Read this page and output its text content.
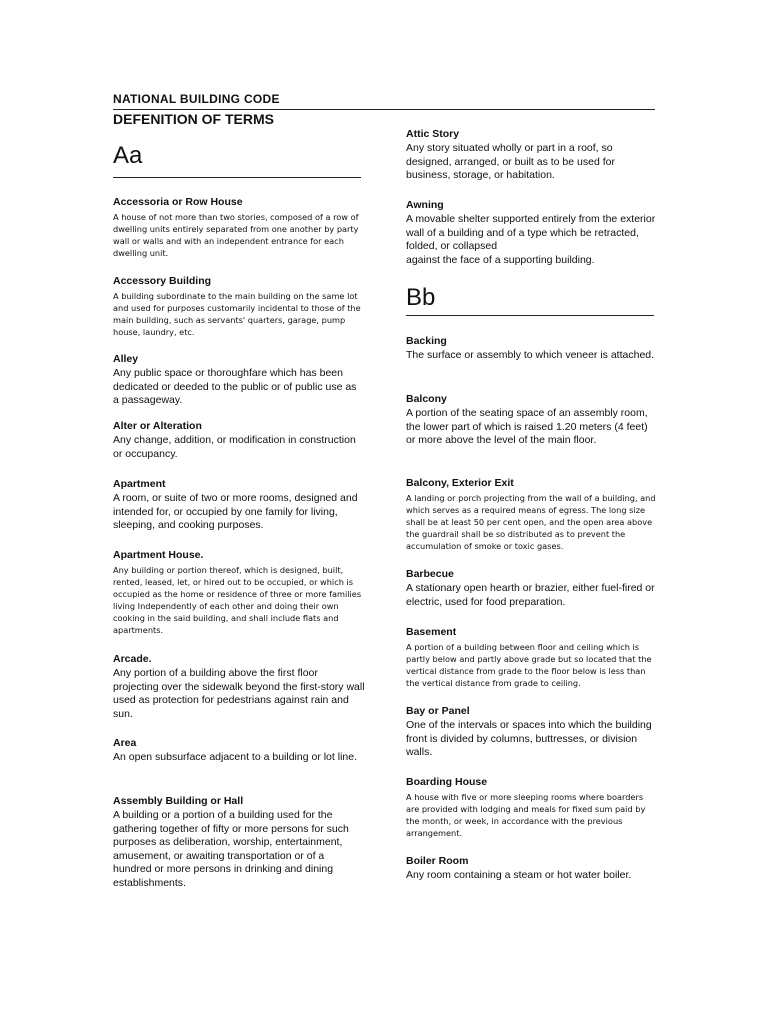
NATIONAL BUILDING CODE
DEFENITION OF TERMS
Aa
Accessoria or Row House
A house of not more than two stories, composed of a row of dwelling units entirely separated from one another by party wall or walls and with an independent entrance for each dwelling unit.
Accessory Building
A building subordinate to the main building on the same lot and used for purposes customarily incidental to those of the main building, such as servants' quarters, garage, pump house, laundry, etc.
Alley
Any public space or thoroughfare which has been dedicated or deeded to the public or of public use as a passageway.
Alter or Alteration
Any change, addition, or modification in construction or occupancy.
Apartment
A room, or suite of two or more rooms, designed and intended for, or occupied by one family for living, sleeping, and cooking purposes.
Apartment House.
Any building or portion thereof, which is designed, built, rented, leased, let, or hired out to be occupied, or which is occupied as the home or residence of three or more families living Independently of each other and doing their own cooking in the said building, and shall include flats and apartments.
Arcade.
Any portion of a building above the first floor projecting over the sidewalk beyond the first-story wall used as protection for pedestrians against rain and sun.
Area
An open subsurface adjacent to a building or lot line.
Assembly Building or Hall
A building or a portion of a building used for the gathering together of fifty or more persons for such purposes as deliberation, worship, entertainment, amusement, or awaiting transportation or of a hundred or more persons in drinking and dining establishments.
Attic Story
Any story situated wholly or part in a roof, so designed, arranged, or built as to be used for business, storage, or habitation.
Awning
A movable shelter supported entirely from the exterior wall of a building and of a type which be retracted, folded, or collapsed
against the face of a supporting building.
Bb
Backing
The surface or assembly to which veneer is attached.
Balcony
A portion of the seating space of an assembly room, the lower part of which is raised 1.20 meters (4 feet) or more above the level of the main floor.
Balcony, Exterior Exit
A landing or porch projecting from the wall of a building, and which serves as a required means of egress. The long size shall be at least 50 per cent open, and the open area above the guardrail shall be so distributed as to prevent the accumulation of smoke or toxic gases.
Barbecue
A stationary open hearth or brazier, either fuel-fired or electric, used for food preparation.
Basement
A portion of a building between floor and ceiling which is partly below and partly above grade but so located that the vertical distance from grade to the floor below is less than the vertical distance from grade to ceiling.
Bay or Panel
One of the intervals or spaces into which the building front is divided by columns, buttresses, or division walls.
Boarding House
A house with five or more sleeping rooms where boarders are provided with lodging and meals for fixed sum paid by the month, or week, in accordance with the previous arrangement.
Boiler Room
Any room containing a steam or hot water boiler.
